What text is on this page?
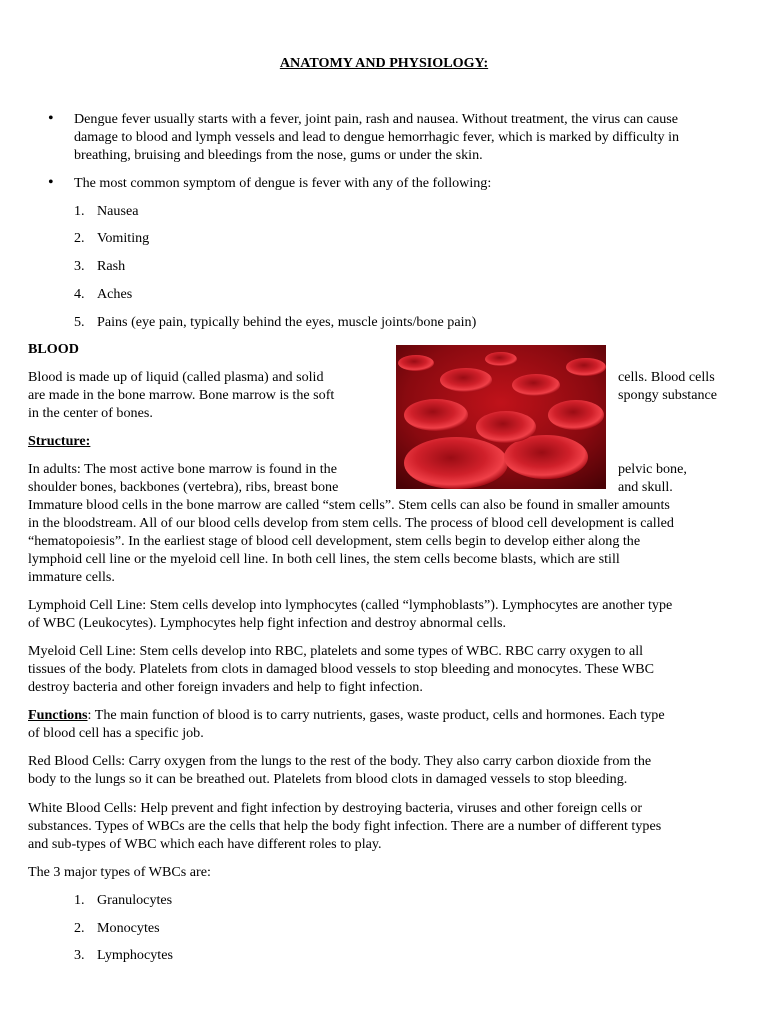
ANATOMY AND PHYSIOLOGY:
• Dengue fever usually starts with a fever, joint pain, rash and nausea. Without treatment, the virus can cause
damage to blood and lymph vessels and lead to dengue hemorrhagic fever, which is marked by difficulty in
breathing, bruising and bleedings from the nose, gums or under the skin.
• The most common symptom of dengue is fever with any of the following:
1. Nausea
2. Vomiting
3. Rash
4. Aches
5. Pains (eye pain, typically behind the eyes, muscle joints/bone pain)
BLOOD
Blood is made up of liquid (called plasma) and solid
are made in the bone marrow. Bone marrow is the soft
in the center of bones.
cells. Blood cells
spongy substance
Structure:
In adults: The most active bone marrow is found in the
shoulder bones, backbones (vertebra), ribs, breast bone
pelvic bone,
and skull.
Immature blood cells in the bone marrow are called “stem cells”. Stem cells can also be found in smaller amounts
in the bloodstream. All of our blood cells develop from stem cells. The process of blood cell development is called
“hematopoiesis”. In the earliest stage of blood cell development, stem cells begin to develop either along the
lymphoid cell line or the myeloid cell line. In both cell lines, the stem cells become blasts, which are still
immature cells.
Lymphoid Cell Line: Stem cells develop into lymphocytes (called “lymphoblasts”). Lymphocytes are another type
of WBC (Leukocytes). Lymphocytes help fight infection and destroy abnormal cells.
Myeloid Cell Line: Stem cells develop into RBC, platelets and some types of WBC. RBC carry oxygen to all
tissues of the body. Platelets from clots in damaged blood vessels to stop bleeding and monocytes. These WBC
destroy bacteria and other foreign invaders and help to fight infection.
Functions: The main function of blood is to carry nutrients, gases, waste product, cells and hormones. Each type
of blood cell has a specific job.
Red Blood Cells: Carry oxygen from the lungs to the rest of the body. They also carry carbon dioxide from the
body to the lungs so it can be breathed out. Platelets from blood clots in damaged vessels to stop bleeding.
White Blood Cells: Help prevent and fight infection by destroying bacteria, viruses and other foreign cells or
substances. Types of WBCs are the cells that help the body fight infection. There are a number of different types
and sub-types of WBC which each have different roles to play.
The 3 major types of WBCs are:
1. Granulocytes
2. Monocytes
3. Lymphocytes
